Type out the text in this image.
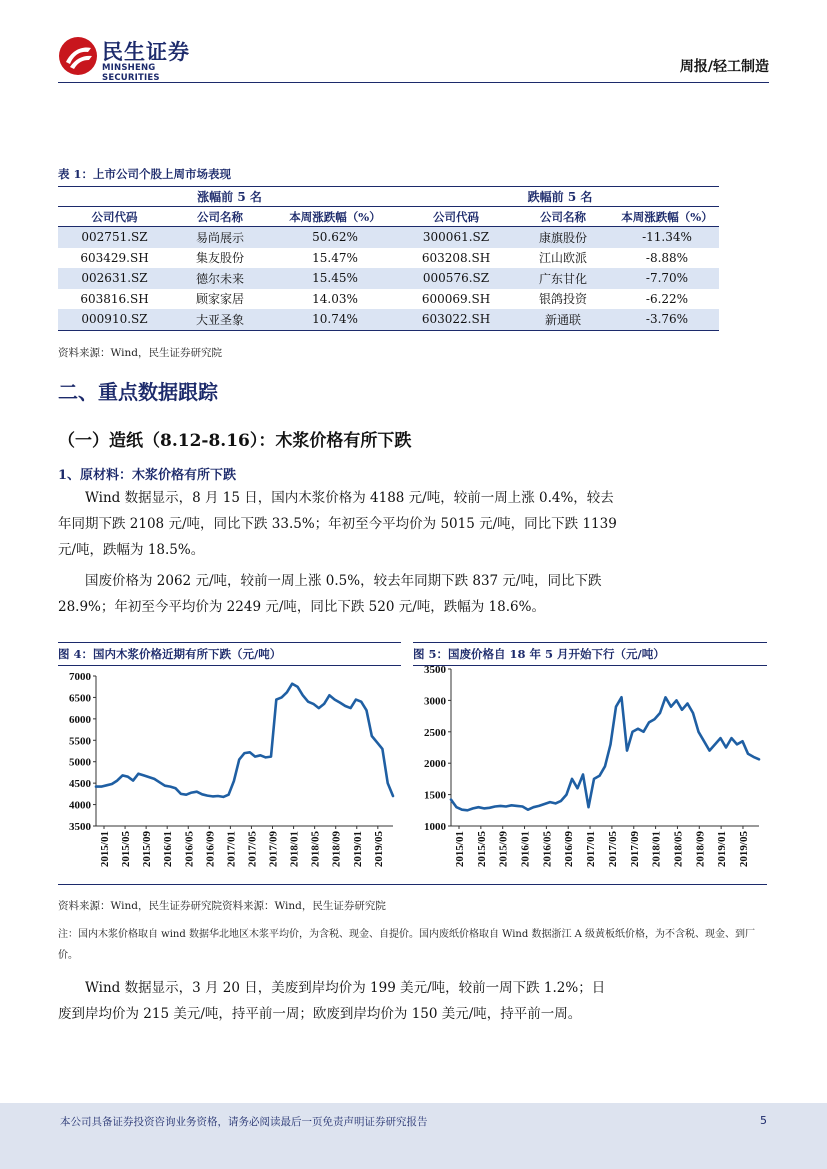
民生证券
MINSHENG SECURITIES
周报/轻工制造
表 1：上市公司个股上周市场表现
涨幅前 5 名			跌幅前 5 名		
公司代码	公司名称	本周涨跌幅（%）	公司代码	公司名称	本周涨跌幅（%）
002751.SZ	易尚展示	50.62%	300061.SZ	康旗股份	-11.34%
603429.SH	集友股份	15.47%	603208.SH	江山欧派	-8.88%
002631.SZ	德尔未来	15.45%	000576.SZ	广东甘化	-7.70%
603816.SH	顾家家居	14.03%	600069.SH	银鸽投资	-6.22%
000910.SZ	大亚圣象	10.74%	603022.SH	新通联	-3.76%
资料来源：Wind，民生证券研究院
二、重点数据跟踪
（一）造纸（8.12-8.16）：木浆价格有所下跌
1、原材料：木浆价格有所下跌
Wind 数据显示，8 月 15 日，国内木浆价格为 4188 元/吨，较前一周上涨 0.4%，较去
年同期下跌 2108 元/吨，同比下跌 33.5%；年初至今平均价为 5015 元/吨，同比下跌 1139
元/吨，跌幅为 18.5%。
国废价格为 2062 元/吨，较前一周上涨 0.5%，较去年同期下跌 837 元/吨，同比下跌
28.9%；年初至今平均价为 2249 元/吨，同比下跌 520 元/吨，跌幅为 18.6%。
图 4：国内木浆价格近期有所下跌（元/吨）	图 5：国废价格自 18 年 5 月开始下行（元/吨）
7000
6500
6000
5500
5000
4500
4000
3500
2015/01 2015/05 2015/09 2016/01 2016/05 2016/09 2017/01 2017/05 2017/09 2018/01 2018/05 2018/09 2019/01 2019/05
3500
3000
2500
2000
1500
1000
2015/01 2015/05 2015/09 2016/01 2016/05 2016/09 2017/01 2017/05 2017/09 2018/01 2018/05 2018/09 2019/01 2019/05
资料来源：Wind，民生证券研究院资料来源：Wind，民生证券研究院
注：国内木浆价格取自 wind 数据华北地区木浆平均价，为含税、现金、自提价。国内废纸价格取自 Wind 数据浙江 A 级黄板纸价格，为不含税、现金、到厂价。
Wind 数据显示，3 月 20 日，美废到岸均价为 199 美元/吨，较前一周下跌 1.2%；日
废到岸均价为 215 美元/吨，持平前一周；欧废到岸均价为 150 美元/吨，持平前一周。
本公司具备证券投资咨询业务资格，请务必阅读最后一页免责声明证券研究报告	5
